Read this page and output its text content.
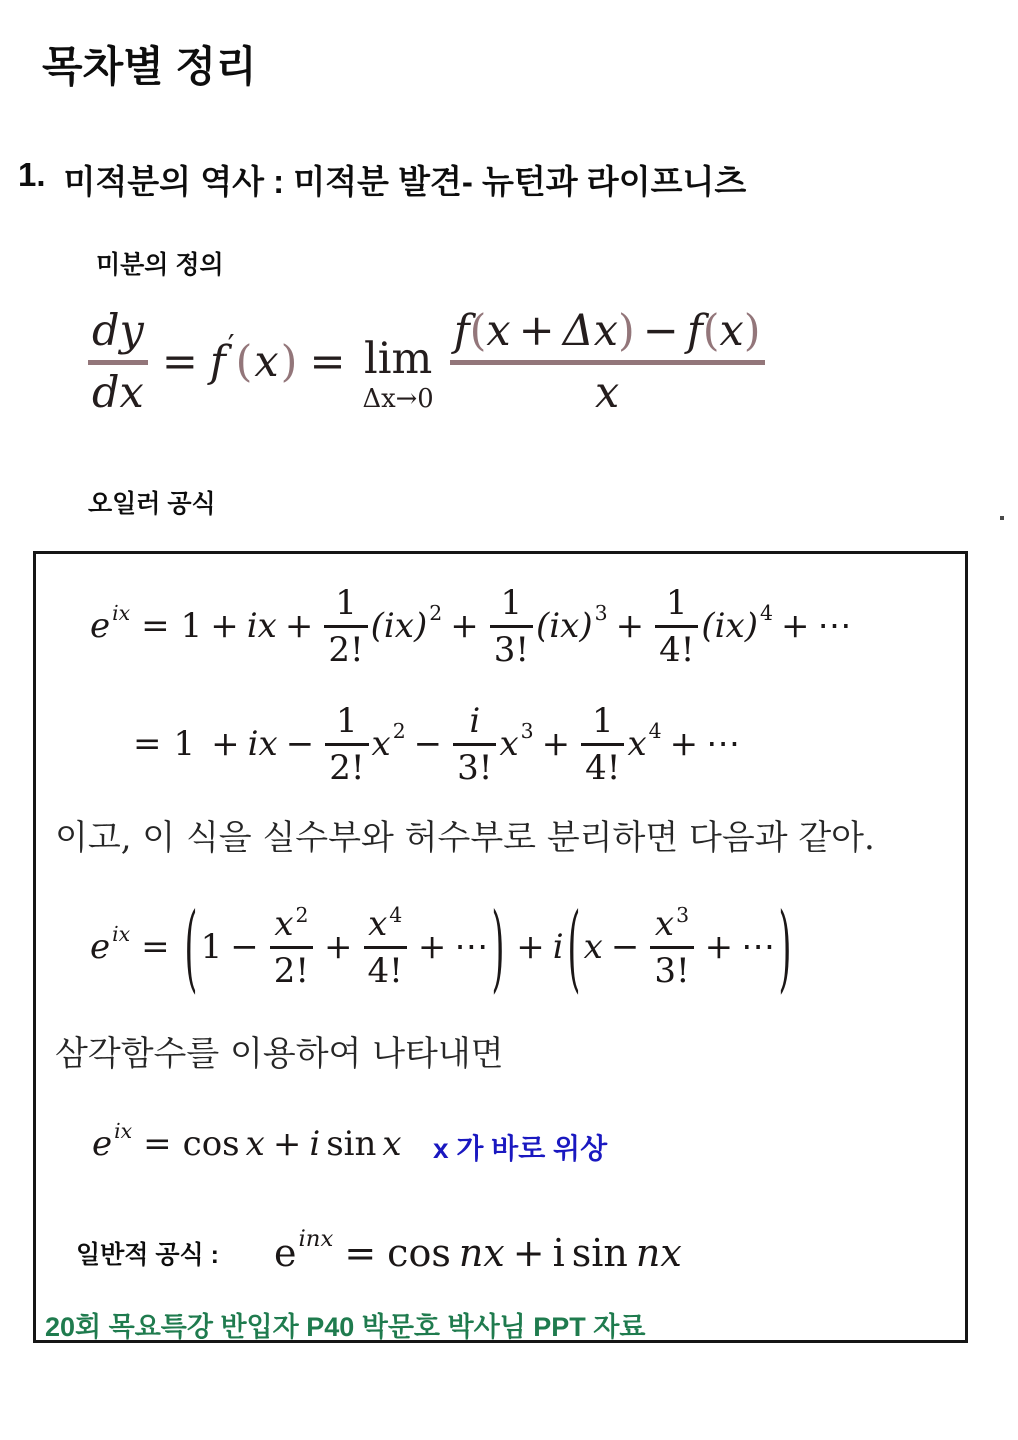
목차별 정리
1. 미적분의 역사 : 미적분 발견- 뉴턴과 라이프니츠
미분의 정의
dy
dx
= f ′ ( x ) = lim
Δx→0
f(x + Δx) − f(x)
x
오일러 공식
e ix = 1 + ix + $\frac{1}{2!} (ix) 2 + \frac{1}{3!} (ix) 3 + \frac{1}{4!} (ix) 4$ + ⋯
= 1 + ix − $\frac{1}{2!}$ x $2 - \frac{i}{3!}$ x $3 + \frac{1}{4!}$ x 4 + ⋯
이고, 이 식을 실수부와 허수부로 분리하면 다음과 같아.
e ix = ( $1 - \frac{x^2}{2!} + \frac{x^4}{4!}$ + ⋯ ) + i ( $x - \frac{x^3}{3!}$ + ⋯ )
삼각함수를 이용하여 나타내면
e ix = cos x + i sin x x 가 바로 위상
일반적 공식 : e inx = cos nx + i sin nx
20회 목요특강 반입자 P40 박문호 박사님 PPT 자료
